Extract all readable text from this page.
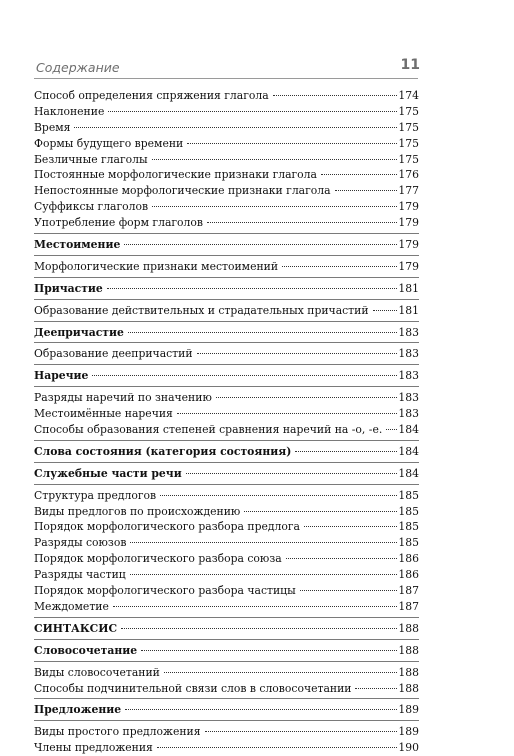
Содержание	11
Способ определения спряжения глагола	174
Наклонение	175
Время	175
Формы будущего времени	175
Безличные глаголы	175
Постоянные морфологические признаки глагола	176
Непостоянные морфологические признаки глагола	177
Суффиксы глаголов	179
Употребление форм глаголов	179
Местоимение	179
Морфологические признаки местоимений	179
Причастие	181
Образование действительных и страдательных причастий	181
Деепричастие	183
Образование деепричастий	183
Наречие	183
Разряды наречий по значению	183
Местоимённые наречия	183
Способы образования степеней сравнения наречий на -о, -е. 184
Слова состояния (категория состояния)	184
Служебные части речи	184
Структура предлогов	185
Виды предлогов по происхождению	185
Порядок морфологического разбора предлога	185
Разряды союзов	185
Порядок морфологического разбора союза	186
Разряды частиц	186
Порядок морфологического разбора частицы	187
Междометие	187
СИНТАКСИС	188
Словосочетание	188
Виды словосочетаний	188
Способы подчинительной связи слов в словосочетании	188
Предложение	189
Виды простого предложения	189
Члены предложения	190
